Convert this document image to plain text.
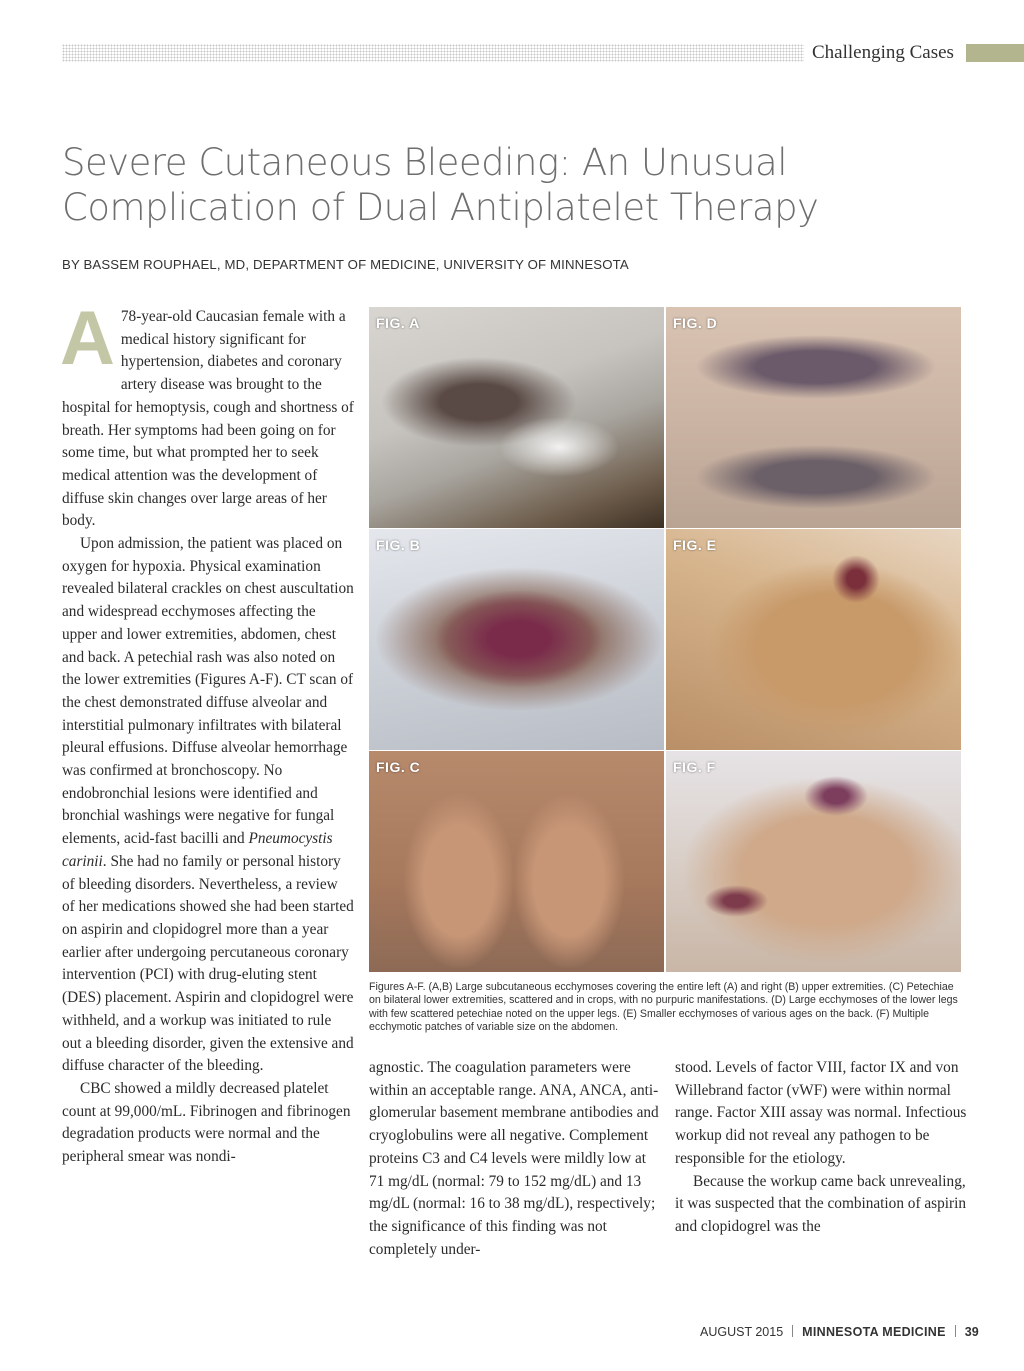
Challenging Cases
Severe Cutaneous Bleeding: An Unusual
Complication of Dual Antiplatelet Therapy
BY BASSEM ROUPHAEL, MD, DEPARTMENT OF MEDICINE, UNIVERSITY OF MINNESOTA

A 78-year-old Caucasian female with a medical history significant for hypertension, diabetes and coronary artery disease was brought to the hospital for hemoptysis, cough and shortness of breath. Her symptoms had been going on for some time, but what prompted her to seek medical attention was the development of diffuse skin changes over large areas of her body.

Upon admission, the patient was placed on oxygen for hypoxia. Physical examination revealed bilateral crackles on chest auscultation and widespread ecchymoses affecting the upper and lower extremities, abdomen, chest and back. A petechial rash was also noted on the lower extremities (Figures A-F). CT scan of the chest demonstrated diffuse alveolar and interstitial pulmonary infiltrates with bilateral pleural effusions. Diffuse alveolar hemorrhage was confirmed at bronchoscopy. No endobronchial lesions were identified and bronchial washings were negative for fungal elements, acid-fast bacilli and Pneumocystis carinii. She had no family or personal history of bleeding disorders. Nevertheless, a review of her medications showed she had been started on aspirin and clopidogrel more than a year earlier after undergoing percutaneous coronary intervention (PCI) with drug-eluting stent (DES) placement. Aspirin and clopidogrel were withheld, and a workup was initiated to rule out a bleeding disorder, given the extensive and diffuse character of the bleeding.

CBC showed a mildly decreased platelet count at 99,000/mL. Fibrinogen and fibrinogen degradation products were normal and the peripheral smear was nondi-

FIG. A	FIG. D
FIG. B	FIG. E
FIG. C	FIG. F

Figures A-F. (A,B) Large subcutaneous ecchymoses covering the entire left (A) and right (B) upper extremities. (C) Petechiae on bilateral lower extremities, scattered and in crops, with no purpuric manifestations. (D) Large ecchymoses of the lower legs with few scattered petechiae noted on the upper legs. (E) Smaller ecchymoses of various ages on the back. (F) Multiple ecchymotic patches of variable size on the abdomen.

agnostic. The coagulation parameters were within an acceptable range. ANA, ANCA, anti-glomerular basement membrane antibodies and cryoglobulins were all negative. Complement proteins C3 and C4 levels were mildly low at 71 mg/dL (normal: 79 to 152 mg/dL) and 13 mg/dL (normal: 16 to 38 mg/dL), respectively; the significance of this finding was not completely under-

stood. Levels of factor VIII, factor IX and von Willebrand factor (vWF) were within normal range. Factor XIII assay was normal. Infectious workup did not reveal any pathogen to be responsible for the etiology.

Because the workup came back unrevealing, it was suspected that the combination of aspirin and clopidogrel was the

AUGUST 2015 MINNESOTA MEDICINE 39
